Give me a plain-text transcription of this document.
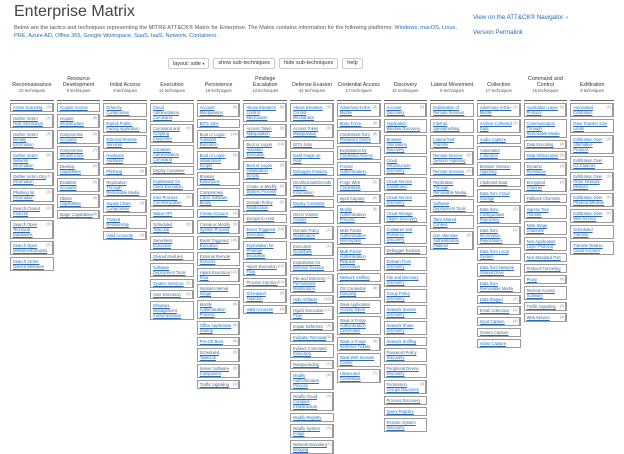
Enterprise Matrix

Below are the tactics and techniques representing the MITRE ATT&CK® Matrix for Enterprise. The Matrix contains information for the following platforms: Windows, macOS, Linux, PRE, Azure AD, Office 365, Google Workspace, SaaS, IaaS, Network, Containers.

View on the ATT&CK® Navigator ↗
Version Permalink
layout: side ▾	show sub-techniques	hide sub-techniques	help
Reconnaissance
10 techniques
Active Scanning (3)
Gather Victim Host Information
(4)
Gather Victim Identity Information
(3)
Gather Victim Network Information
(6)
Gather Victim Org Information
(4)
Phishing for Information
(3)
Search Closed Sources
(2)
Search Open Technical Databases
(5)
Search Open Websites/Domains
(2)
Search Victim-Owned Websites
Resource Development
8 techniques
Acquire Access
Acquire Infrastructure
(8)
Compromise Accounts
(3)
Compromise Infrastructure
(7)
Develop Capabilities
(4)
Establish Accounts
(3)
Obtain Capabilities
(6)
Stage Capabilities (6)
Initial Access
9 techniques
Drive-by Compromise
Exploit Public-Facing Application
External Remote Services
Hardware Additions
Phishing	(3)
Replication Through Removable Media
Supply Chain Compromise
(3)
Trusted Relationship
Valid Accounts (4)
Execution
14 techniques
Cloud Administration Command
Command and Scripting Interpreter
(9)
Container Administration Command
Deploy Container
Exploitation for Client Execution
Inter-Process Communication
(3)
Native API
Scheduled Task/Job
(5)
Serverless Execution
Shared Modules
Software Deployment Tools
System Services (2)
User Execution (3)
Windows Management Instrumentation
Persistence
19 techniques
Account Manipulation
(6)
BITS Jobs
Boot or Logon Autostart Execution
(14)
Boot or Logon Initialization Scripts
(5)
Browser Extensions
Compromise Client Software Binary
Create Account (3)
Create or Modify System Process
(4)
Event Triggered Execution
(16)
External Remote Services
Hijack Execution Flow
(12)
Implant Internal Image
Modify Authentication Process
(8)
Office Application Startup
(6)
Pre-OS Boot	(5)
Scheduled Task/Job
(5)
Server Software Component
(5)
Traffic Signaling (2)
Privilege Escalation
13 techniques
Abuse Elevation Control Mechanism
(5)
Access Token Manipulation
(5)
Boot or Logon Autostart Execution
(14)
Boot or Logon Initialization Scripts
(5)
Create or Modify System Process
(4)
Domain Policy Modification
(2)
Escape to Host
Event Triggered Execution
(16)
Exploitation for Privilege Escalation
Hijack Execution Flow
(12)
Process Injection (12)
Scheduled Task/Job
(5)
Valid Accounts (4)
Defense Evasion
42 techniques
Abuse Elevation Control Mechanism
(5)
Access Token Manipulation
(5)
BITS Jobs
Build Image on Host
Debugger Evasion
Deobfuscate/Decode Files or Information
Deploy Container
Direct Volume Access
Domain Policy Modification
(2)
Execution Guardrails
(1)
Exploitation for Defense Evasion
File and Directory Permissions Modification
(2)
Hide Artifacts (10)
Hijack Execution Flow
(12)
Impair Defenses (9)
Indicator Removal (8)
Indirect Command Execution
Masquerading (7)
Modify Authentication Process
(8)
Modify Cloud Compute Infrastructure
(4)
Modify Registry
Modify System Image
(2)
Network Boundary Bridging
(1)
Credential Access
17 techniques
Adversary-in-the-Middle
(3)
Brute Force	(4)
Credentials from Password Stores
(5)
Exploitation for Credential Access
Forced Authentication
Forge Web Credentials
(2)
Input Capture (4)
Modify Authentication Process
(8)
Multi-Factor Authentication Interception
Multi-Factor Authentication Request Generation
Network Sniffing
OS Credential Dumping
(8)
Steal Application Access Token
Steal or Forge Authentication Certificates
Steal or Forge Kerberos Tickets
(4)
Steal Web Session Cookie
Unsecured Credentials
(7)
Discovery
31 techniques
Account Discovery
(4)
Application Window Discovery
Browser Information Discovery
Cloud Infrastructure Discovery
Cloud Service Dashboard
Cloud Service Discovery
Cloud Storage Object Discovery
Container and Resource Discovery
Debugger Evasion
Domain Trust Discovery
File and Directory Discovery
Group Policy Discovery
Network Service Discovery
Network Share Discovery
Network Sniffing
Password Policy Discovery
Peripheral Device Discovery
Permission Groups Discovery
(3)
Process Discovery
Query Registry
Remote System Discovery
Lateral Movement
9 techniques
Exploitation of Remote Services
Internal Spearphishing
Lateral Tool Transfer
Remote Service Session Hijacking
(2)
Remote Services (7)
Replication Through Removable Media
Software Deployment Tools
Taint Shared Content
Use Alternate Authentication Material
(4)
Collection
17 techniques
Adversary-in-the-Middle
(3)
Archive Collected Data
(3)
Audio Capture
Automated Collection
Browser Session Hijacking
Clipboard Data
Data from Cloud Storage
Data from Configuration Repository
(2)
Data from Information Repositories
(3)
Data from Local System
Data from Network Shared Drive
Data from Removable Media
Data Staged	(2)
Email Collection (3)
Input Capture (4)
Screen Capture
Video Capture
Command and Control
16 techniques
Application Layer Protocol
(4)
Communication Through Removable Media
Data Encoding (2)
Data Obfuscation (3)
Dynamic Resolution
(3)
Encrypted Channel
(2)
Fallback Channels
Ingress Tool Transfer
Multi-Stage Channels
Non-Application Layer Protocol
Non-Standard Port
Protocol Tunneling
Proxy	(4)
Remote Access Software
Traffic Signaling (2)
Web Service	(3)
Exfiltration
9 techniques
Automated Exfiltration
(1)
Data Transfer Size Limits
Exfiltration Over Alternative Protocol
(3)
Exfiltration Over C2 Channel
Exfiltration Over Other Network Medium
(1)
Exfiltration Over Physical Medium
(1)
Exfiltration Over Web Service
(2)
Scheduled Transfer
Transfer Data to Cloud Account
